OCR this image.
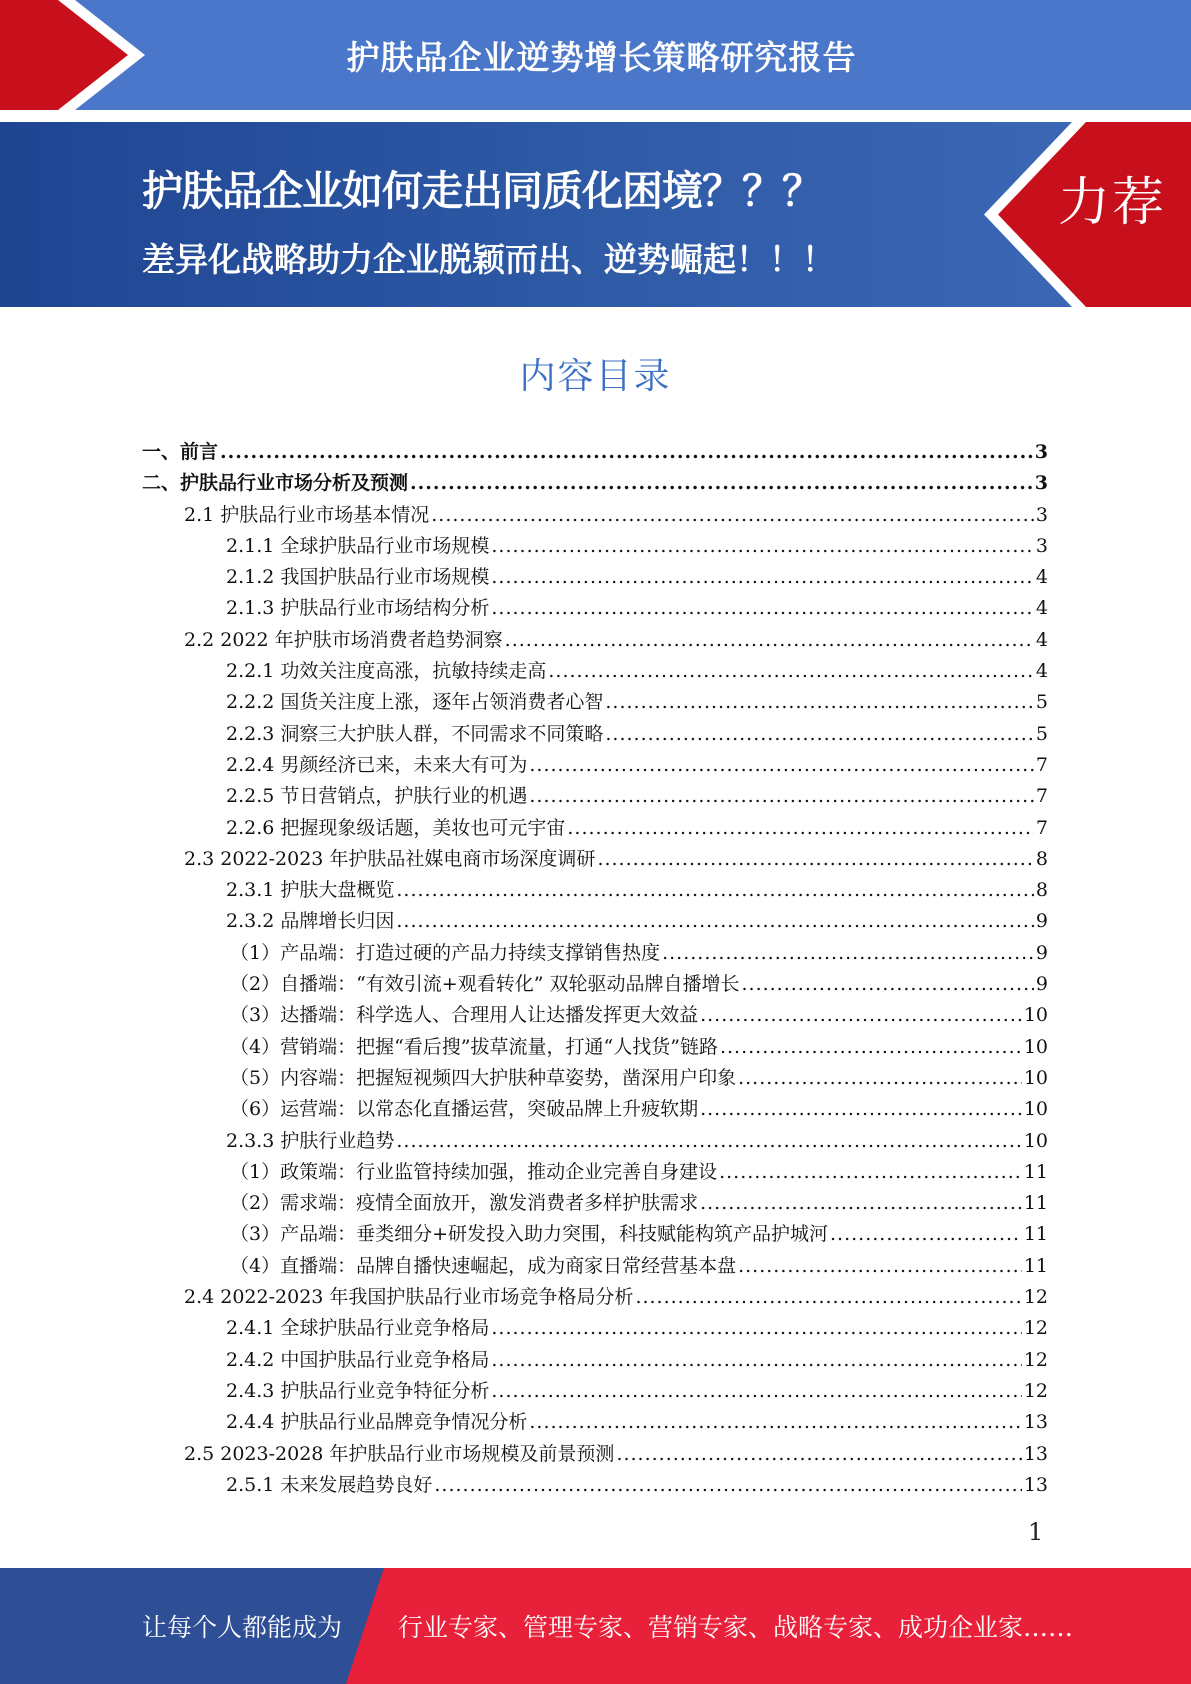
护肤品企业逆势增长策略研究报告
护肤品企业如何走出同质化困境？？？
差异化战略助力企业脱颖而出、逆势崛起！！！
力荐
内容目录
一、前言 .....	3
二、护肤品行业市场分析及预测 .....	3
2.1 护肤品行业市场基本情况 .....	3
2.1.1 全球护肤品行业市场规模 .....	3
2.1.2 我国护肤品行业市场规模 .....	4
2.1.3 护肤品行业市场结构分析 .....	4
2.2 2022 年护肤市场消费者趋势洞察 .....	4
2.2.1 功效关注度高涨，抗敏持续走高 .....	4
2.2.2 国货关注度上涨，逐年占领消费者心智 .....	5
2.2.3 洞察三大护肤人群，不同需求不同策略 .....	5
2.2.4 男颜经济已来，未来大有可为 .....	7
2.2.5 节日营销点，护肤行业的机遇 .....	7
2.2.6 把握现象级话题，美妆也可元宇宙 .....	7
2.3 2022-2023 年护肤品社媒电商市场深度调研 .....	8
2.3.1 护肤大盘概览 .....	8
2.3.2 品牌增长归因 .....	9
（1）产品端：打造过硬的产品力持续支撑销售热度 .....	9
（2）自播端：“有效引流+观看转化” 双轮驱动品牌自播增长 .....	9
（3）达播端：科学选人、合理用人让达播发挥更大效益 .....	10
（4）营销端：把握“看后搜”拔草流量，打通“人找货”链路 .....	10
（5）内容端：把握短视频四大护肤种草姿势，凿深用户印象 .....	10
（6）运营端：以常态化直播运营，突破品牌上升疲软期 .....	10
2.3.3 护肤行业趋势 .....	10
（1）政策端：行业监管持续加强，推动企业完善自身建设 .....	11
（2）需求端：疫情全面放开，激发消费者多样护肤需求 .....	11
（3）产品端：垂类细分+研发投入助力突围，科技赋能构筑产品护城河 .....	11
（4）直播端：品牌自播快速崛起，成为商家日常经营基本盘 .....	11
2.4 2022-2023 年我国护肤品行业市场竞争格局分析 .....	12
2.4.1 全球护肤品行业竞争格局 .....	12
2.4.2 中国护肤品行业竞争格局 .....	12
2.4.3 护肤品行业竞争特征分析 .....	12
2.4.4 护肤品行业品牌竞争情况分析 .....	13
2.5 2023-2028 年护肤品行业市场规模及前景预测 .....	13
2.5.1 未来发展趋势良好 .....	13
1
让每个人都能成为 行业专家、管理专家、营销专家、战略专家、成功企业家……
